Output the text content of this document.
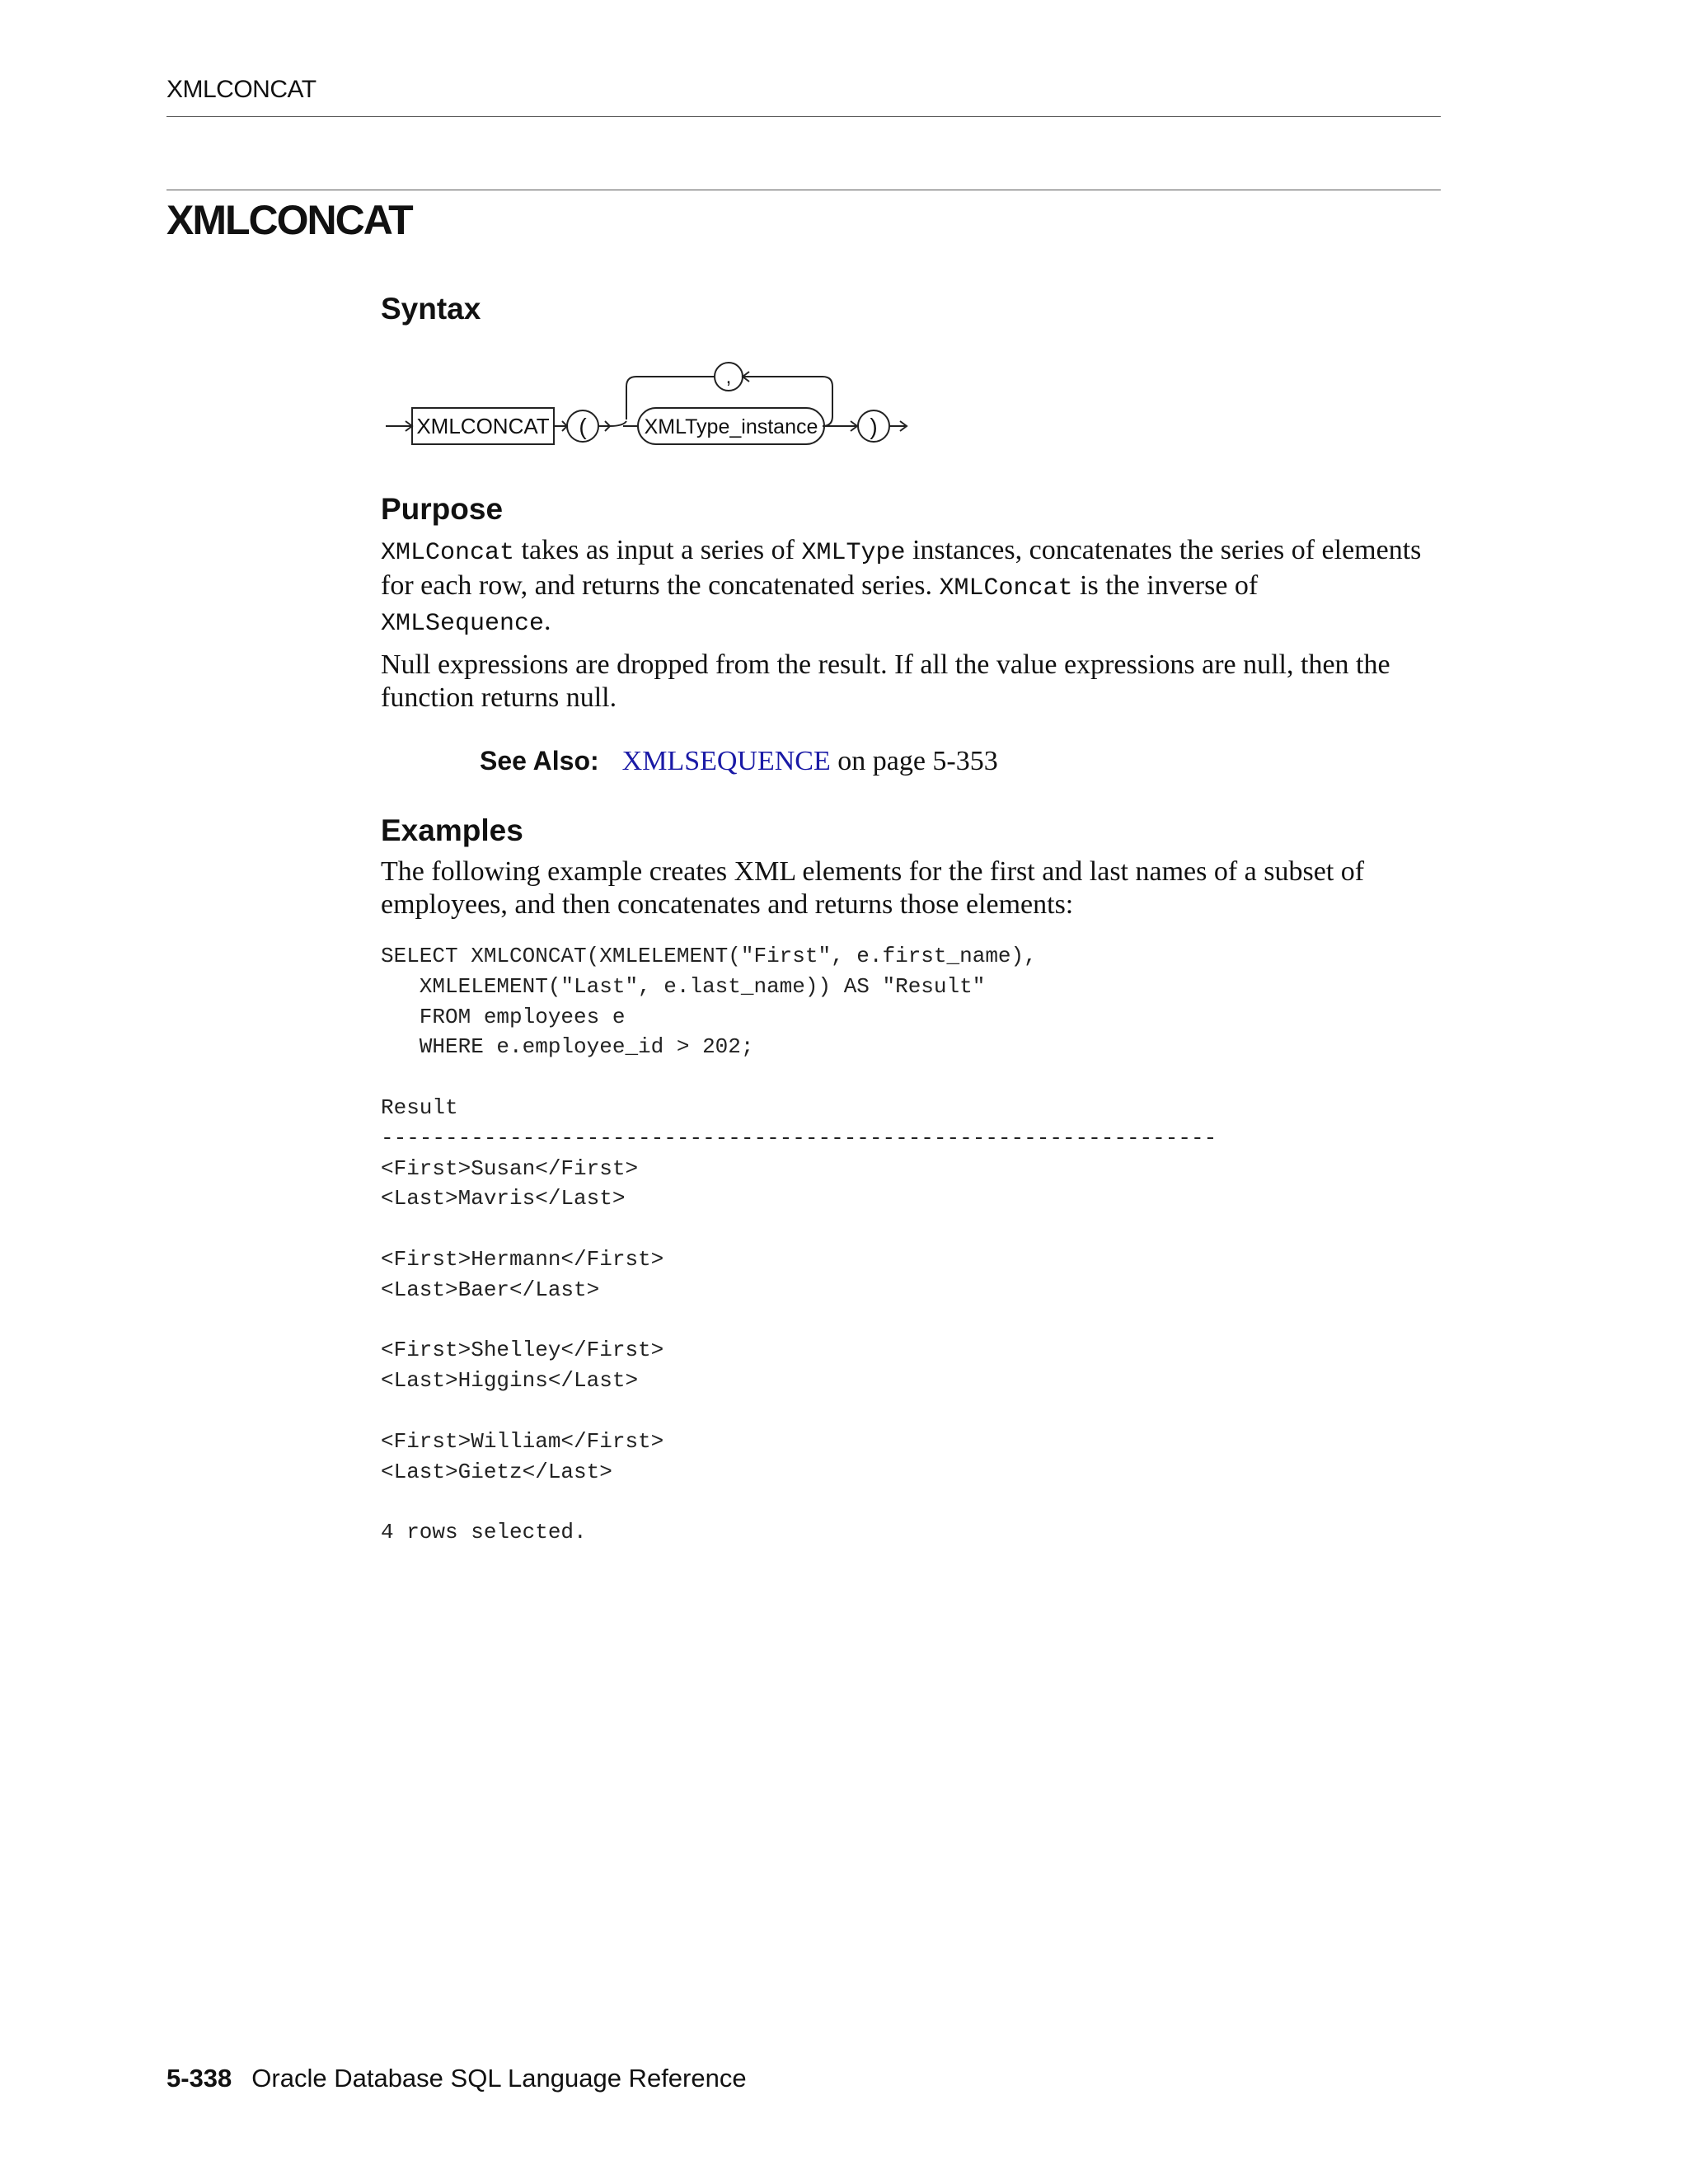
XMLCONCAT
XMLCONCAT
Syntax
XMLCONCAT (	XMLType_instance
,
)
Purpose

XMLConcat takes as input a series of XMLType instances, concatenates the series of elements for each row, and returns the concatenated series. XMLConcat is the inverse of
XMLSequence.

Null expressions are dropped from the result. If all the value expressions are null, then the function returns null.

See Also: XMLSEQUENCE on page 5-353
Examples

The following example creates XML elements for the first and last names of a subset of employees, and then concatenates and returns those elements:

SELECT XMLCONCAT(XMLELEMENT("First", e.first_name),
XMLELEMENT("Last", e.last_name)) AS "Result"
FROM employees e
WHERE e.employee_id > 202;
Result
-----------------------------------------------------------------
<First>Susan</First>
<Last>Mavris</Last>
<First>Hermann</First>
<Last>Baer</Last>
<First>Shelley</First>
<Last>Higgins</Last>
<First>William</First>
<Last>Gietz</Last>
4 rows selected.
5-338 Oracle Database SQL Language Reference
